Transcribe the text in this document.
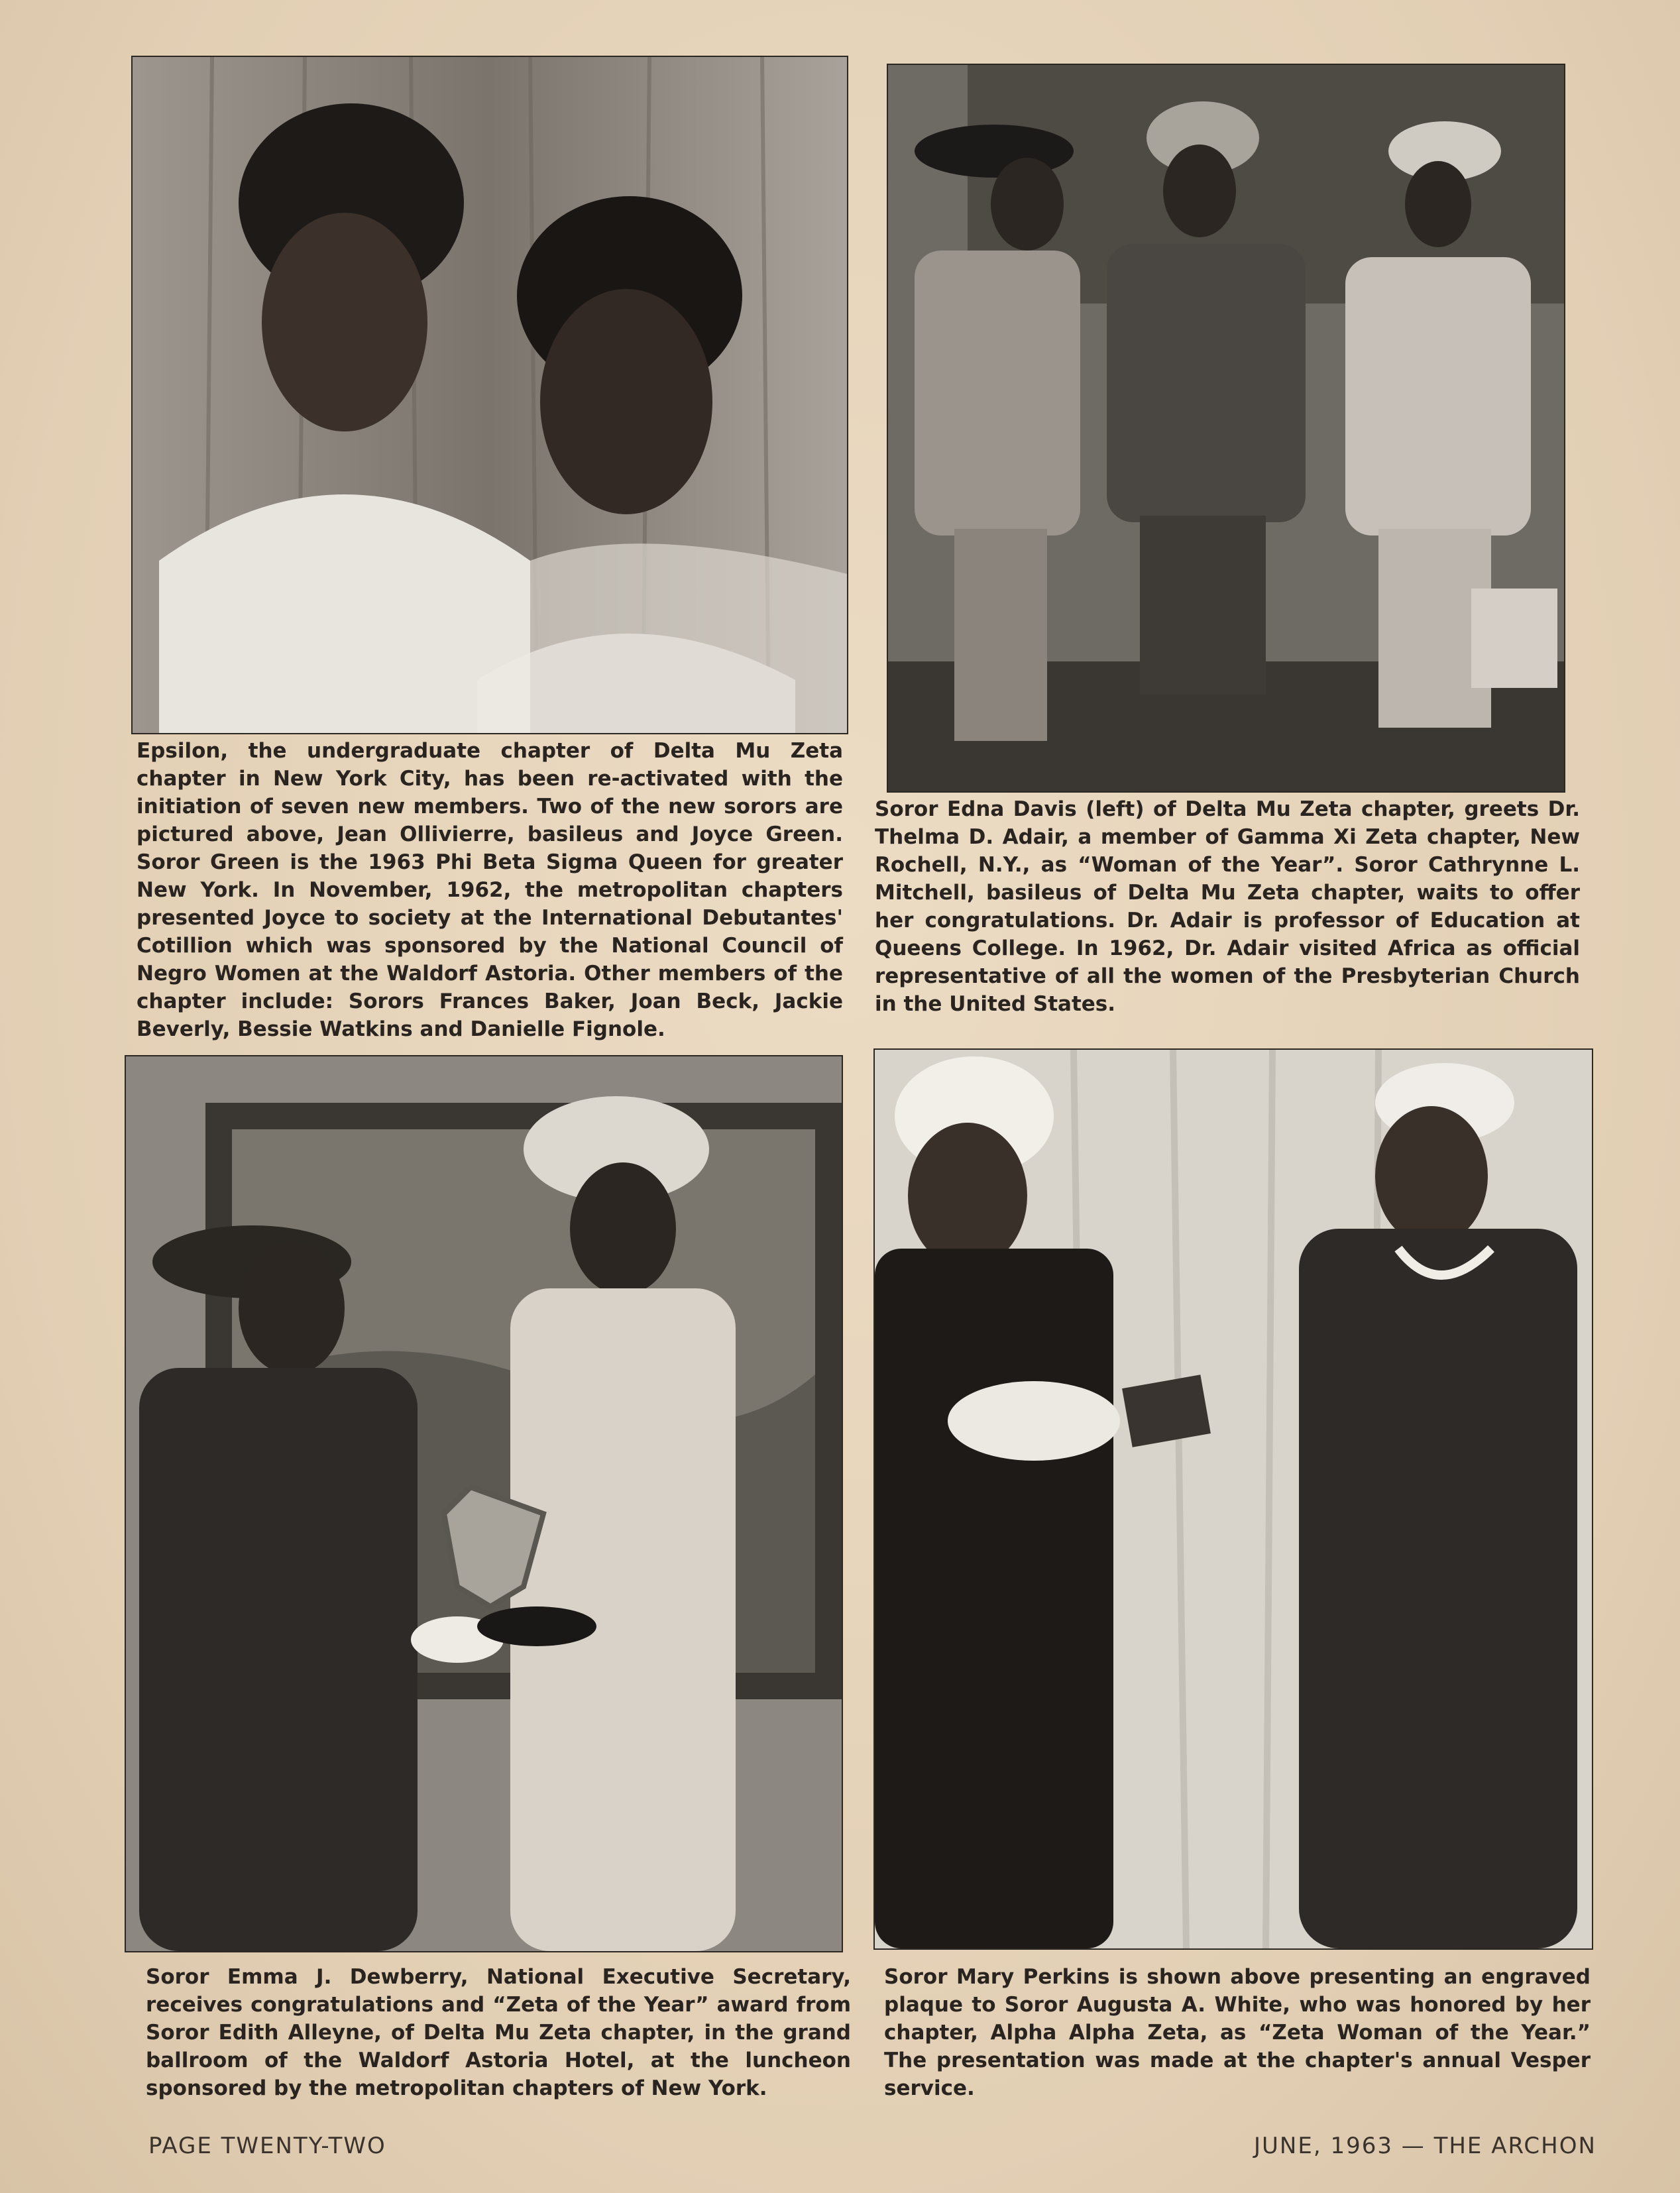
Epsilon, the undergraduate chapter of Delta Mu Zeta chapter in New York City, has been re-activated with the initiation of seven new members. Two of the new sorors are pictured above, Jean Ollivierre, basileus and Joyce Green. Soror Green is the 1963 Phi Beta Sigma Queen for greater New York. In November, 1962, the metropolitan chapters presented Joyce to society at the International Debutantes' Cotillion which was sponsored by the National Council of Negro Women at the Waldorf Astoria. Other members of the chapter include: Sorors Frances Baker, Joan Beck, Jackie Beverly, Bessie Watkins and Danielle Fignole.
Soror Edna Davis (left) of Delta Mu Zeta chapter, greets Dr. Thelma D. Adair, a member of Gamma Xi Zeta chapter, New Rochell, N.Y., as “Woman of the Year”. Soror Cathrynne L. Mitchell, basileus of Delta Mu Zeta chapter, waits to offer her congratulations. Dr. Adair is professor of Education at Queens College. In 1962, Dr. Adair visited Africa as official representative of all the women of the Presbyterian Church in the United States.
Soror Emma J. Dewberry, National Executive Secretary, receives congratulations and “Zeta of the Year” award from Soror Edith Alleyne, of Delta Mu Zeta chapter, in the grand ballroom of the Waldorf Astoria Hotel, at the luncheon sponsored by the metropolitan chapters of New York.
Soror Mary Perkins is shown above presenting an engraved plaque to Soror Augusta A. White, who was honored by her chapter, Alpha Alpha Zeta, as “Zeta Woman of the Year.” The presentation was made at the chapter's annual Vesper service.
PAGE TWENTY-TWO	JUNE, 1963 — THE ARCHON
